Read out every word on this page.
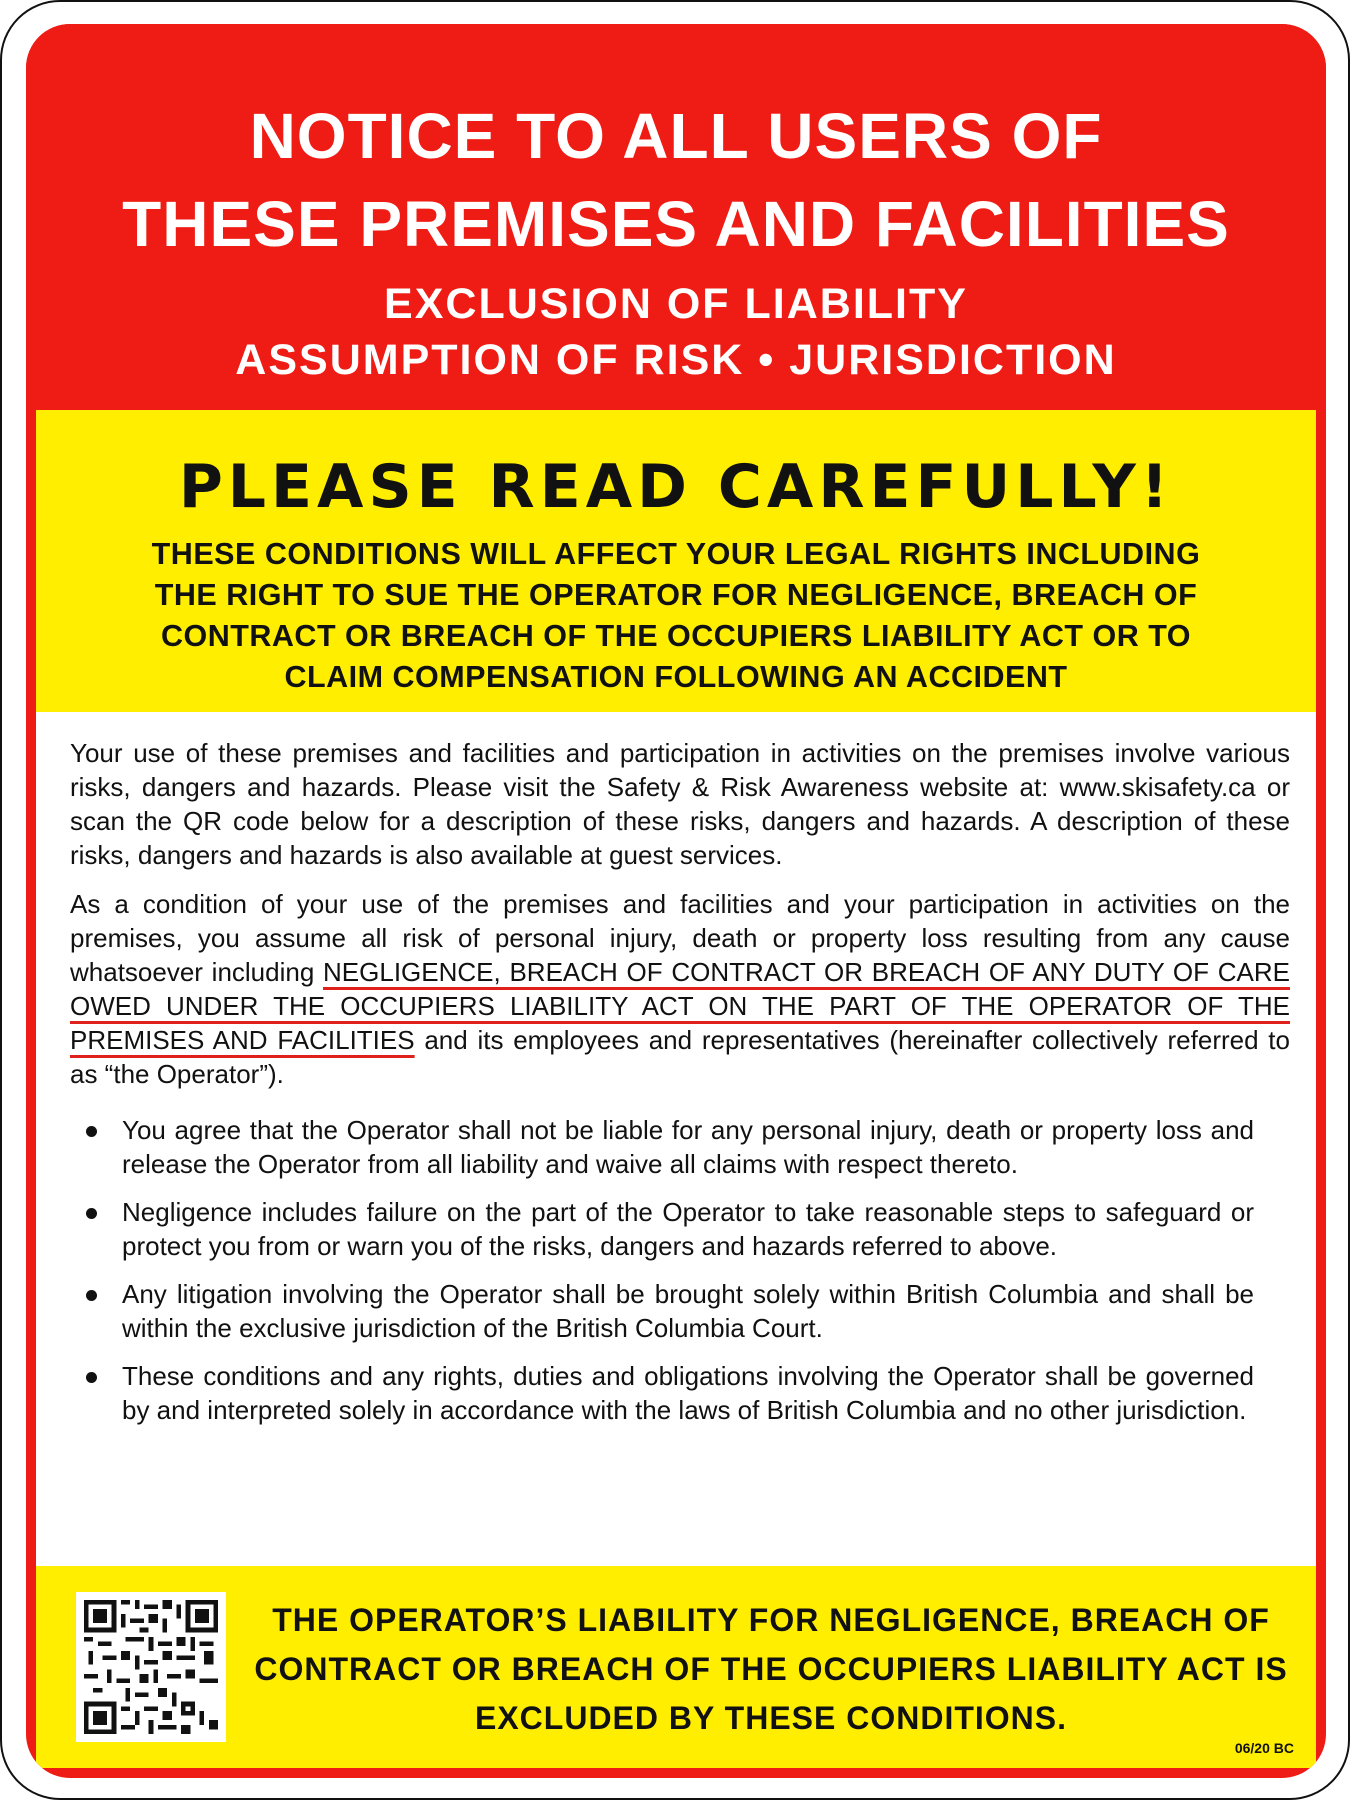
NOTICE TO ALL USERS OF
THESE PREMISES AND FACILITIES
EXCLUSION OF LIABILITY
ASSUMPTION OF RISK • JURISDICTION
PLEASE READ CAREFULLY!
THESE CONDITIONS WILL AFFECT YOUR LEGAL RIGHTS INCLUDING
THE RIGHT TO SUE THE OPERATOR FOR NEGLIGENCE, BREACH OF
CONTRACT OR BREACH OF THE OCCUPIERS LIABILITY ACT OR TO
CLAIM COMPENSATION FOLLOWING AN ACCIDENT

Your use of these premises and facilities and participation in activities on the premises involve various risks, dangers and hazards. Please visit the Safety & Risk Awareness website at: www.skisafety.ca or scan the QR code below for a description of these risks, dangers and hazards. A description of these risks, dangers and hazards is also available at guest services.

As a condition of your use of the premises and facilities and your participation in activities on the premises, you assume all risk of personal injury, death or property loss resulting from any cause whatsoever including NEGLIGENCE, BREACH OF CONTRACT OR BREACH OF ANY DUTY OF CARE OWED UNDER THE OCCUPIERS LIABILITY ACT ON THE PART OF THE OPERATOR OF THE PREMISES AND FACILITIES and its employees and representatives (hereinafter collectively referred to as “the Operator”).

You agree that the Operator shall not be liable for any personal injury, death or property loss and release the Operator from all liability and waive all claims with respect thereto.
Negligence includes failure on the part of the Operator to take reasonable steps to safeguard or protect you from or warn you of the risks, dangers and hazards referred to above.
Any litigation involving the Operator shall be brought solely within British Columbia and shall be within the exclusive jurisdiction of the British Columbia Court.
These conditions and any rights, duties and obligations involving the Operator shall be governed by and interpreted solely in accordance with the laws of British Columbia and no other jurisdiction.

THE OPERATOR’S LIABILITY FOR NEGLIGENCE, BREACH OF CONTRACT OR BREACH OF THE OCCUPIERS LIABILITY ACT IS EXCLUDED BY THESE CONDITIONS.

06/20 BC
